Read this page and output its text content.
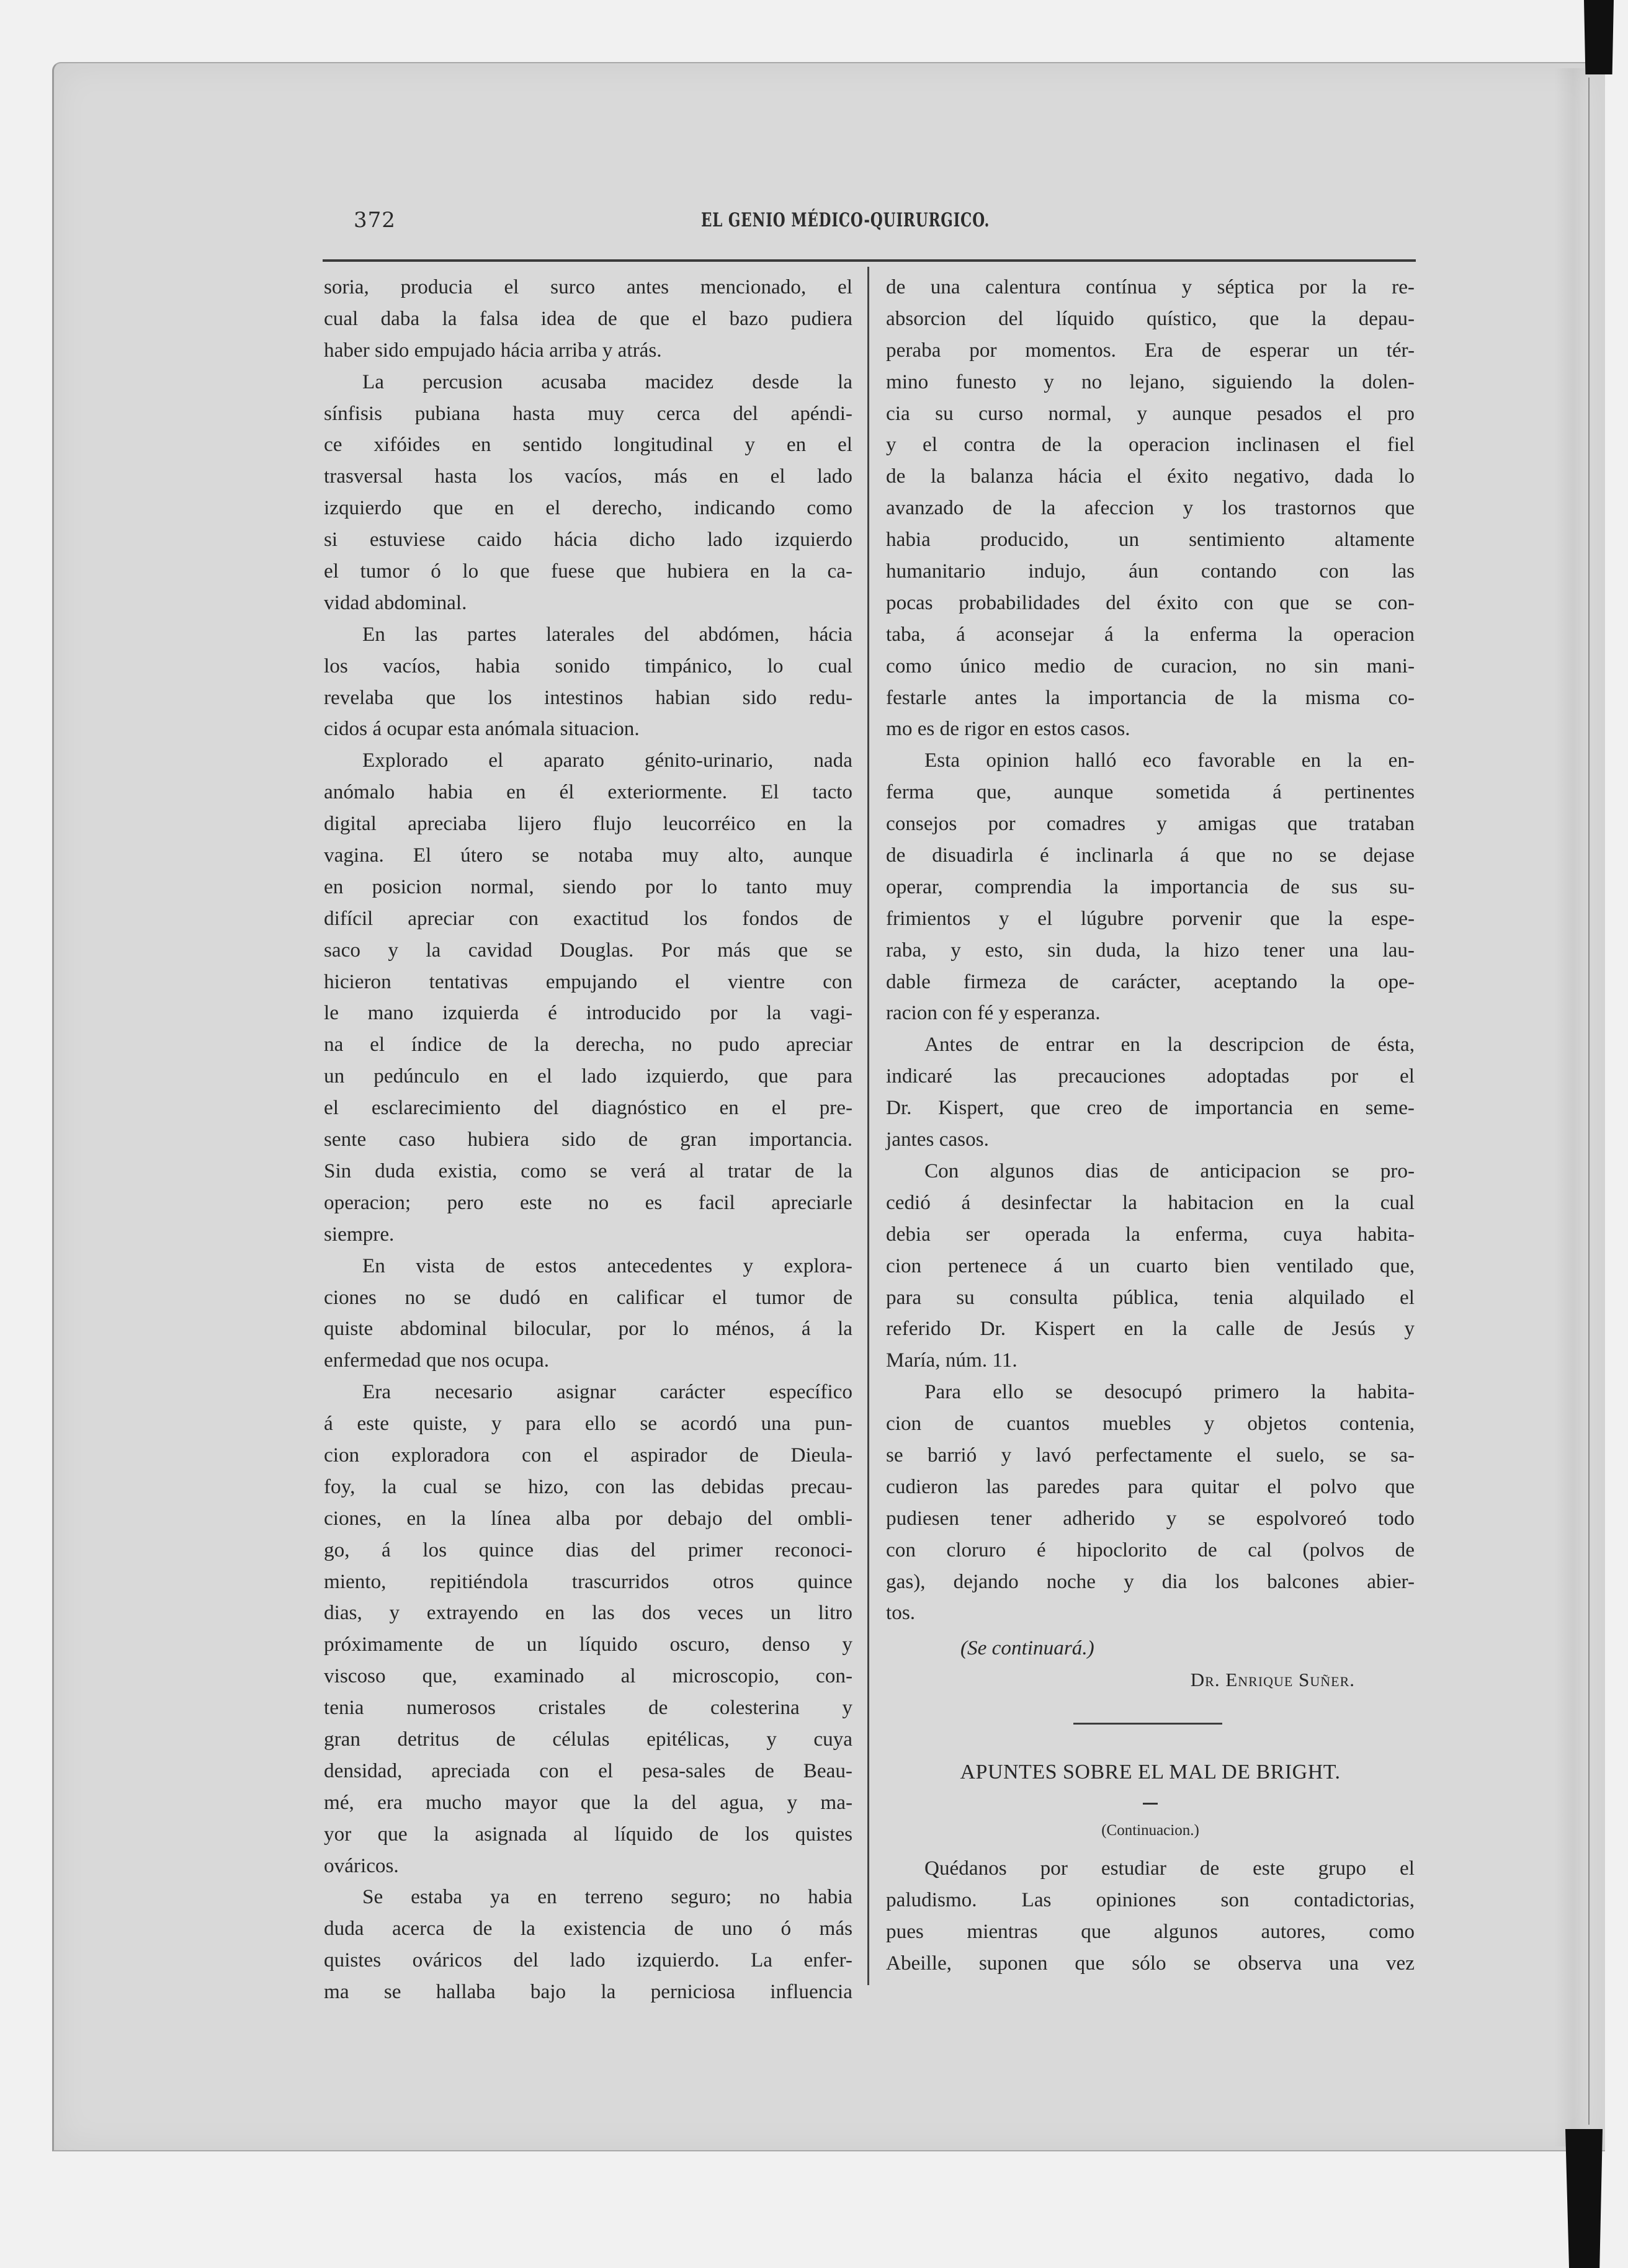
372	EL GENIO MÉDICO-QUIRURGICO.
soria, producia el surco antes mencionado, el
cual daba la falsa idea de que el bazo pudiera
haber sido empujado hácia arriba y atrás.
La percusion acusaba macidez desde la
sínfisis pubiana hasta muy cerca del apéndi-
ce xifóides en sentido longitudinal y en el
trasversal hasta los vacíos, más en el lado
izquierdo que en el derecho, indicando como
si estuviese caido hácia dicho lado izquierdo
el tumor ó lo que fuese que hubiera en la ca-
vidad abdominal.
En las partes laterales del abdómen, hácia
los vacíos, habia sonido timpánico, lo cual
revelaba que los intestinos habian sido redu-
cidos á ocupar esta anómala situacion.
Explorado el aparato génito-urinario, nada
anómalo habia en él exteriormente. El tacto
digital apreciaba lijero flujo leucorréico en la
vagina. El útero se notaba muy alto, aunque
en posicion normal, siendo por lo tanto muy
difícil apreciar con exactitud los fondos de
saco y la cavidad Douglas. Por más que se
hicieron tentativas empujando el vientre con
le mano izquierda é introducido por la vagi-
na el índice de la derecha, no pudo apreciar
un pedúnculo en el lado izquierdo, que para
el esclarecimiento del diagnóstico en el pre-
sente caso hubiera sido de gran importancia.
Sin duda existia, como se verá al tratar de la
operacion; pero este no es facil apreciarle
siempre.
En vista de estos antecedentes y explora-
ciones no se dudó en calificar el tumor de
quiste abdominal bilocular, por lo ménos, á la
enfermedad que nos ocupa.
Era necesario asignar carácter específico
á este quiste, y para ello se acordó una pun-
cion exploradora con el aspirador de Dieula-
foy, la cual se hizo, con las debidas precau-
ciones, en la línea alba por debajo del ombli-
go, á los quince dias del primer reconoci-
miento, repitiéndola trascurridos otros quince
dias, y extrayendo en las dos veces un litro
próximamente de un líquido oscuro, denso y
viscoso que, examinado al microscopio, con-
tenia numerosos cristales de colesterina y
gran detritus de células epitélicas, y cuya
densidad, apreciada con el pesa-sales de Beau-
mé, era mucho mayor que la del agua, y ma-
yor que la asignada al líquido de los quistes
ováricos.
Se estaba ya en terreno seguro; no habia
duda acerca de la existencia de uno ó más
quistes ováricos del lado izquierdo. La enfer-
ma se hallaba bajo la perniciosa influencia
de una calentura contínua y séptica por la re-
absorcion del líquido quístico, que la depau-
peraba por momentos. Era de esperar un tér-
mino funesto y no lejano, siguiendo la dolen-
cia su curso normal, y aunque pesados el pro
y el contra de la operacion inclinasen el fiel
de la balanza hácia el éxito negativo, dada lo
avanzado de la afeccion y los trastornos que
habia producido, un sentimiento altamente
humanitario indujo, áun contando con las
pocas probabilidades del éxito con que se con-
taba, á aconsejar á la enferma la operacion
como único medio de curacion, no sin mani-
festarle antes la importancia de la misma co-
mo es de rigor en estos casos.
Esta opinion halló eco favorable en la en-
ferma que, aunque sometida á pertinentes
consejos por comadres y amigas que trataban
de disuadirla é inclinarla á que no se dejase
operar, comprendia la importancia de sus su-
frimientos y el lúgubre porvenir que la espe-
raba, y esto, sin duda, la hizo tener una lau-
dable firmeza de carácter, aceptando la ope-
racion con fé y esperanza.
Antes de entrar en la descripcion de ésta,
indicaré las precauciones adoptadas por el
Dr. Kispert, que creo de importancia en seme-
jantes casos.
Con algunos dias de anticipacion se pro-
cedió á desinfectar la habitacion en la cual
debia ser operada la enferma, cuya habita-
cion pertenece á un cuarto bien ventilado que,
para su consulta pública, tenia alquilado el
referido Dr. Kispert en la calle de Jesús y
María, núm. 11.
Para ello se desocupó primero la habita-
cion de cuantos muebles y objetos contenia,
se barrió y lavó perfectamente el suelo, se sa-
cudieron las paredes para quitar el polvo que
pudiesen tener adherido y se espolvoreó todo
con cloruro é hipoclorito de cal (polvos de
gas), dejando noche y dia los balcones abier-
tos.
(Se continuará.)
Dr. Enrique Suñer.
APUNTES SOBRE EL MAL DE BRIGHT.
(Continuacion.)
Quédanos por estudiar de este grupo el
paludismo. Las opiniones son contadictorias,
pues mientras que algunos autores, como
Abeille, suponen que sólo se observa una vez
